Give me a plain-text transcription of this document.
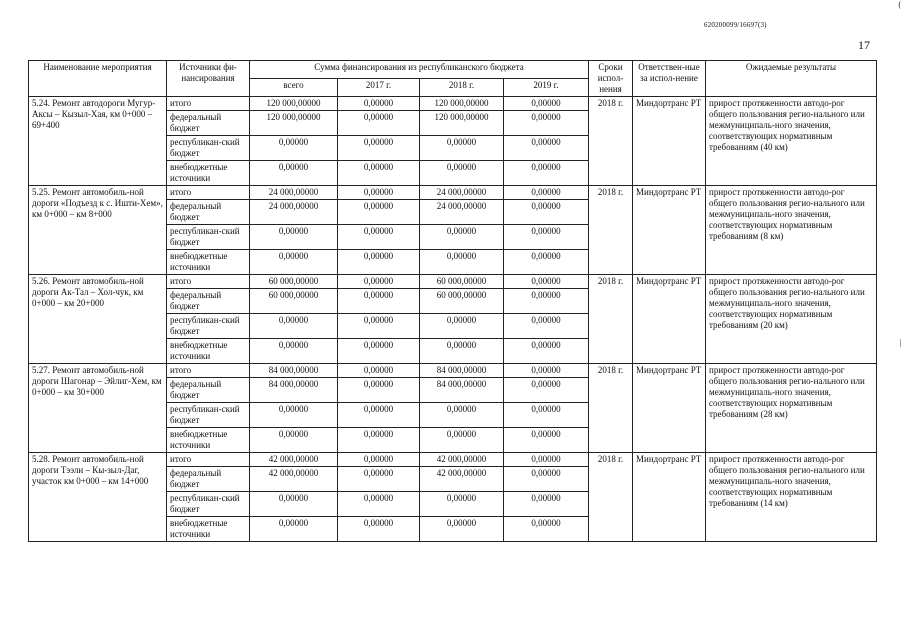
(
620200099/16697(3)
17
|
Наименование мероприятия	Источники фи-нансирования	Сумма финансирования из республиканского бюджета				Сроки испол-нения	Ответствен-ные за испол-нение	Ожидаемые результаты
		всего	2017 г.	2018 г.	2019 г.			
5.24. Ремонт автодороги Мугур-Аксы – Кызыл-Хая, км 0+000 – 69+400	итого	120 000,00000	0,00000	120 000,00000	0,00000	2018 г.	Миндортранс РТ	прирост протяженности автодо-рог общего пользования регио-нального или межмуниципаль-ного значения, соответствующих нормативным требованиям (40 км)
	федеральный бюджет	120 000,00000	0,00000	120 000,00000	0,00000			
	республикан-ский бюджет	0,00000	0,00000	0,00000	0,00000			
	внебюджетные источники	0,00000	0,00000	0,00000	0,00000			
5.25. Ремонт автомобиль-ной дороги «Подъезд к с. Ишти-Хем», км 0+000 – км 8+000	итого	24 000,00000	0,00000	24 000,00000	0,00000	2018 г.	Миндортранс РТ	прирост протяженности автодо-рог общего пользования регио-нального или межмуниципаль-ного значения, соответствующих нормативным требованиям (8 км)
	федеральный бюджет	24 000,00000	0,00000	24 000,00000	0,00000			
	республикан-ский бюджет	0,00000	0,00000	0,00000	0,00000			
	внебюджетные источники	0,00000	0,00000	0,00000	0,00000			
5.26. Ремонт автомобиль-ной дороги Ак-Тал – Хол-чук, км 0+000 – км 20+000	итого	60 000,00000	0,00000	60 000,00000	0,00000	2018 г.	Миндортранс РТ	прирост протяженности автодо-рог общего пользования регио-нального или межмуниципаль-ного значения, соответствующих нормативным требованиям (20 км)
	федеральный бюджет	60 000,00000	0,00000	60 000,00000	0,00000			
	республикан-ский бюджет	0,00000	0,00000	0,00000	0,00000			
	внебюджетные источники	0,00000	0,00000	0,00000	0,00000			
5.27. Ремонт автомобиль-ной дороги Шагонар – Эйлиг-Хем, км 0+000 – км 30+000	итого	84 000,00000	0,00000	84 000,00000	0,00000	2018 г.	Миндортранс РТ	прирост протяженности автодо-рог общего пользования регио-нального или межмуниципаль-ного значения, соответствующих нормативным требованиям (28 км)
	федеральный бюджет	84 000,00000	0,00000	84 000,00000	0,00000			
	республикан-ский бюджет	0,00000	0,00000	0,00000	0,00000			
	внебюджетные источники	0,00000	0,00000	0,00000	0,00000			
5.28. Ремонт автомобиль-ной дороги Тээли – Кы-зыл-Даг, участок км 0+000 – км 14+000	итого	42 000,00000	0,00000	42 000,00000	0,00000	2018 г.	Миндортранс РТ	прирост протяженности автодо-рог общего пользования регио-нального или межмуниципаль-ного значения, соответствующих нормативным требованиям (14 км)
	федеральный бюджет	42 000,00000	0,00000	42 000,00000	0,00000			
	республикан-ский бюджет	0,00000	0,00000	0,00000	0,00000			
	внебюджетные источники	0,00000	0,00000	0,00000	0,00000			
